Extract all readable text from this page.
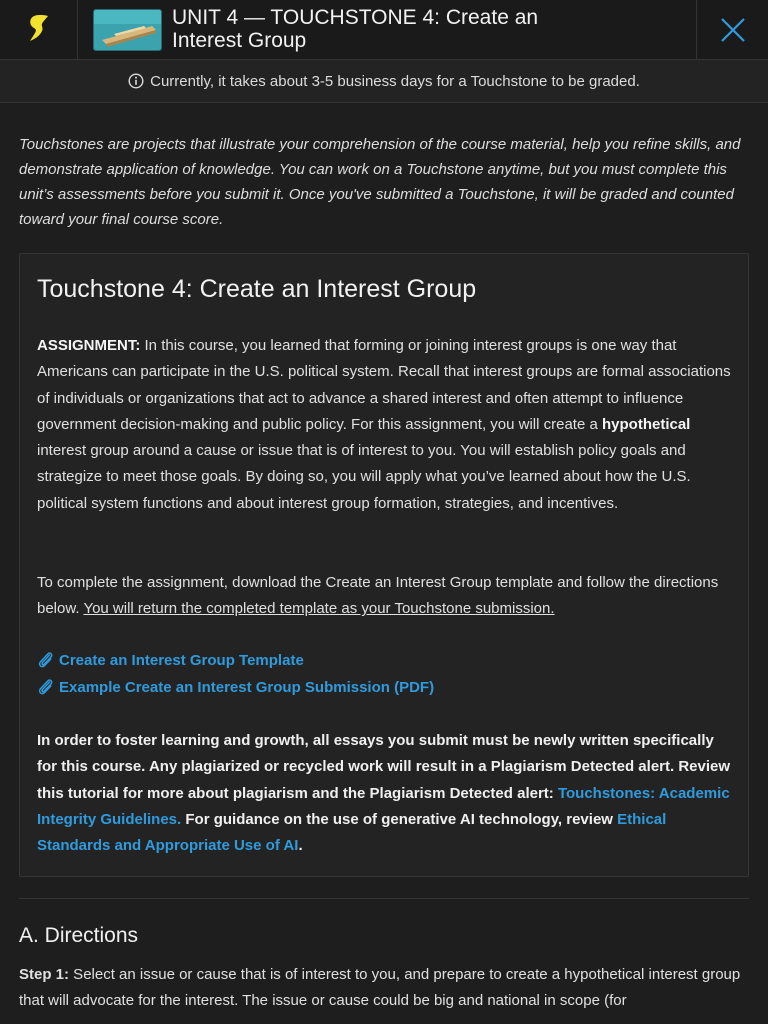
UNIT 4 — TOUCHSTONE 4: Create an
Interest Group
Currently, it takes about 3-5 business days for a Touchstone to be graded.

Touchstones are projects that illustrate your comprehension of the course material, help you refine skills, and demonstrate application of knowledge. You can work on a Touchstone anytime, but you must complete this unit’s assessments before you submit it. Once you've submitted a Touchstone, it will be graded and counted toward your final course score.

Touchstone 4: Create an Interest Group

ASSIGNMENT: In this course, you learned that forming or joining interest groups is one way that Americans can participate in the U.S. political system. Recall that interest groups are formal associations of individuals or organizations that act to advance a shared interest and often attempt to influence government decision-making and public policy. For this assignment, you will create a hypothetical interest group around a cause or issue that is of interest to you. You will establish policy goals and strategize to meet those goals. By doing so, you will apply what you’ve learned about how the U.S. political system functions and about interest group formation, strategies, and incentives.

To complete the assignment, download the Create an Interest Group template and follow the directions below. You will return the completed template as your Touchstone submission.

Create an Interest Group Template
Example Create an Interest Group Submission (PDF)

In order to foster learning and growth, all essays you submit must be newly written specifically for this course. Any plagiarized or recycled work will result in a Plagiarism Detected alert. Review this tutorial for more about plagiarism and the Plagiarism Detected alert: Touchstones: Academic Integrity Guidelines. For guidance on the use of generative AI technology, review Ethical Standards and Appropriate Use of AI.

A. Directions

Step 1: Select an issue or cause that is of interest to you, and prepare to create a hypothetical interest group that will advocate for the interest. The issue or cause could be big and national in scope (for
